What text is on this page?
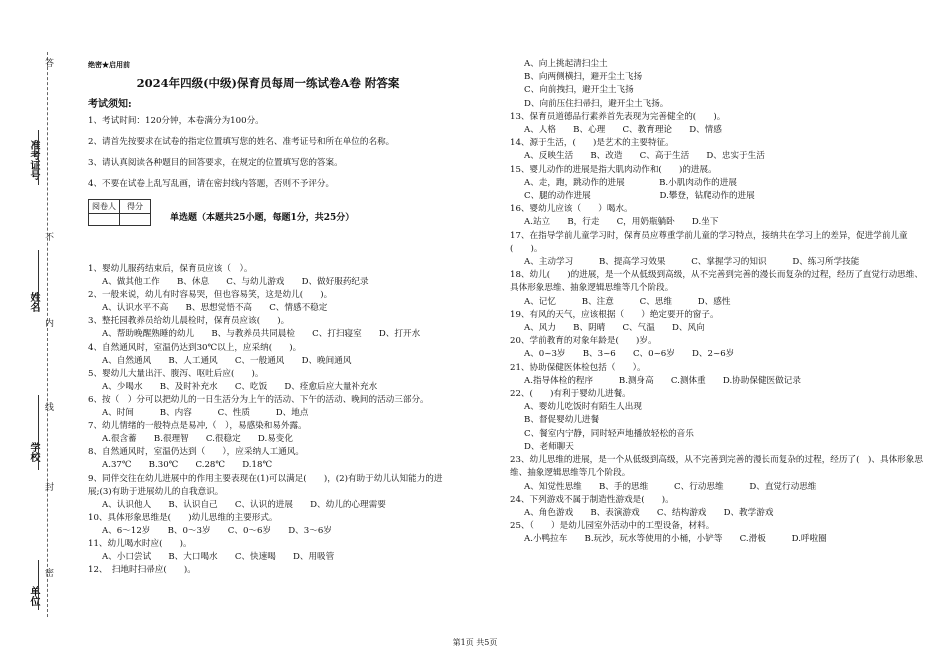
答
不
内
线
封
密
准考证号
姓名
学校
单位
绝密★启用前
2024年四级(中级)保育员每周一练试卷A卷 附答案
考试须知:

1、考试时间：120分钟，本卷满分为100分。

2、请首先按要求在试卷的指定位置填写您的姓名、准考证号和所在单位的名称。

3、请认真阅读各种题目的回答要求，在规定的位置填写您的答案。

4、不要在试卷上乱写乱画，请在密封线内答题，否则不予评分。

阅卷人	得分

单选题（本题共25小题，每题1分，共25分）

1、婴幼儿服药结束后，保育员应该（　）。

A、做其他工作　　B、休息　　C、与幼儿游戏　　D、做好服药纪录

2、一般来说，幼儿有时容易哭，但也容易笑，这是幼儿(　　)。

A、认识水平不高　　B、思想觉悟不高　　C、情感不稳定

3、整托园教养员给幼儿晨检时，保育员应该(　　)。

A、帮助晚醒熟睡的幼儿　　B、与教养员共同晨检　　C、打扫寝室　　D、打开水

4、自然通风时，室温仍达到30℃以上，应采纳(　　)。

A、自然通风　　B、人工通风　　C、一般通风　　D、晚间通风

5、婴幼儿大量出汗、腹泻、呕吐后应(　　)。

A、少喝水　　B、及时补充水　　C、吃饭　　D、痊愈后应大量补充水

6、按（　）分可以把幼儿的一日生活分为上午的活动、下午的活动、晚间的活动三部分。

A、时间　　　B、内容　　　C、性质　　　D、地点

7、幼儿情绪的一般特点是易冲,（　），易感染和易外露。

A.很含蓄　　B.很理智　　C.很稳定　　D.易变化

8、自然通风时，室温仍达到（　　），应采纳人工通风。

A.37℃　　B.30℃　　C.28℃　　D.18℃

9、同伴交往在幼儿进展中的作用主要表现在(1)可以满足(　　)，(2)有助于幼儿认知能力的进

展;(3)有助于进展幼儿的自我意识。

A、认识他人　　B、认识自己　　C、认识的进展　　D、幼儿的心理需要

10、具体形象思维是(　　)幼儿思维的主要形式。

A、6～12岁　　B、0～3岁　　C、0～6岁　　D、3～6岁

11、幼儿喝水时应(　　)。

A、小口尝试　　B、大口喝水　　C、快速喝　　D、用吸管

12、　扫地时扫帚应(　　)。

A、向上挑起清扫尘土

B、向两侧横扫，避开尘土飞扬

C、向前拽扫，避开尘土飞扬

D、向前压住扫帚扫，避开尘土飞扬。

13、保育员道德品行素养首先表现为完善健全的(　　)。

A、人格　　B、心理　　C、教育理论　　D、情感

14、源于生活，(　　)是艺术的主要特征。

A、反映生活　　B、改造　　C、高于生活　　D、忠实于生活

15、婴儿动作的进展是指大肌肉动作和(　　)的进展。

A、走，跑，跳动作的进展　　　　B.小肌肉动作的进展

C、腿的动作进展　　　　　　　　D.攀登，钻爬动作的进展

16、婴幼儿应该（　　）喝水。

A.站立　　B，行走　　C，用奶瓶躺卧　　D.坐下

17、在指导学前儿童学习时，保育员应尊重学前儿童的学习特点，接纳共在学习上的差异，促进学前儿童(　　)。

A、主动学习　　　B、提高学习效果　　　C、掌握学习的知识　　　D、练习所学技能

18、幼儿(　　)的进展，是一个从低级到高级，从不完善到完善的漫长而复杂的过程，经历了直觉行动思维、具体形象思维、抽象逻辑思维等几个阶段。

A、记忆　　　B、注意　　　C、思维　　　D、感性

19、有风的天气，应该根据（　　）绝定要开的窗子。

A、风力　　B、阴晴　　C、气温　　D、风向

20、学前教育的对象年龄是(　　)岁。

A、0~3岁　　B、3~6　　C、0~6岁　　D、2~6岁

21、协助保健医体检包括（　　）。

A.指导体检的程序　　　B.测身高　　C.测体重　　D.协助保健医做记录

22、(　　)有利于婴幼儿进餐。

A、婴幼儿吃饭时有陌生人出现

B、督促婴幼儿进餐

C、餐室内宁静，同时轻声地播放轻松的音乐

D、老师聊天

23、幼儿思维的进展，是一个从低级到高级，从不完善到完善的漫长而复杂的过程，经历了(　)、具体形象思维、抽象逻辑思维等几个阶段。

A、知觉性思维　　B、手的思维　　　C、行动思维　　　D、直觉行动思维

24、下列游戏不属于制造性游戏是(　　)。

A、角色游戏　　B、表演游戏　　C、结构游戏　　D、教学游戏

25、（　　）是幼儿园室外活动中的工型设备，材料。

A.小鸭拉车　　B.玩沙，玩水等使用的小桶，小铲等　　C.滑板　　　D.呼啦圈

第1页 共5页
